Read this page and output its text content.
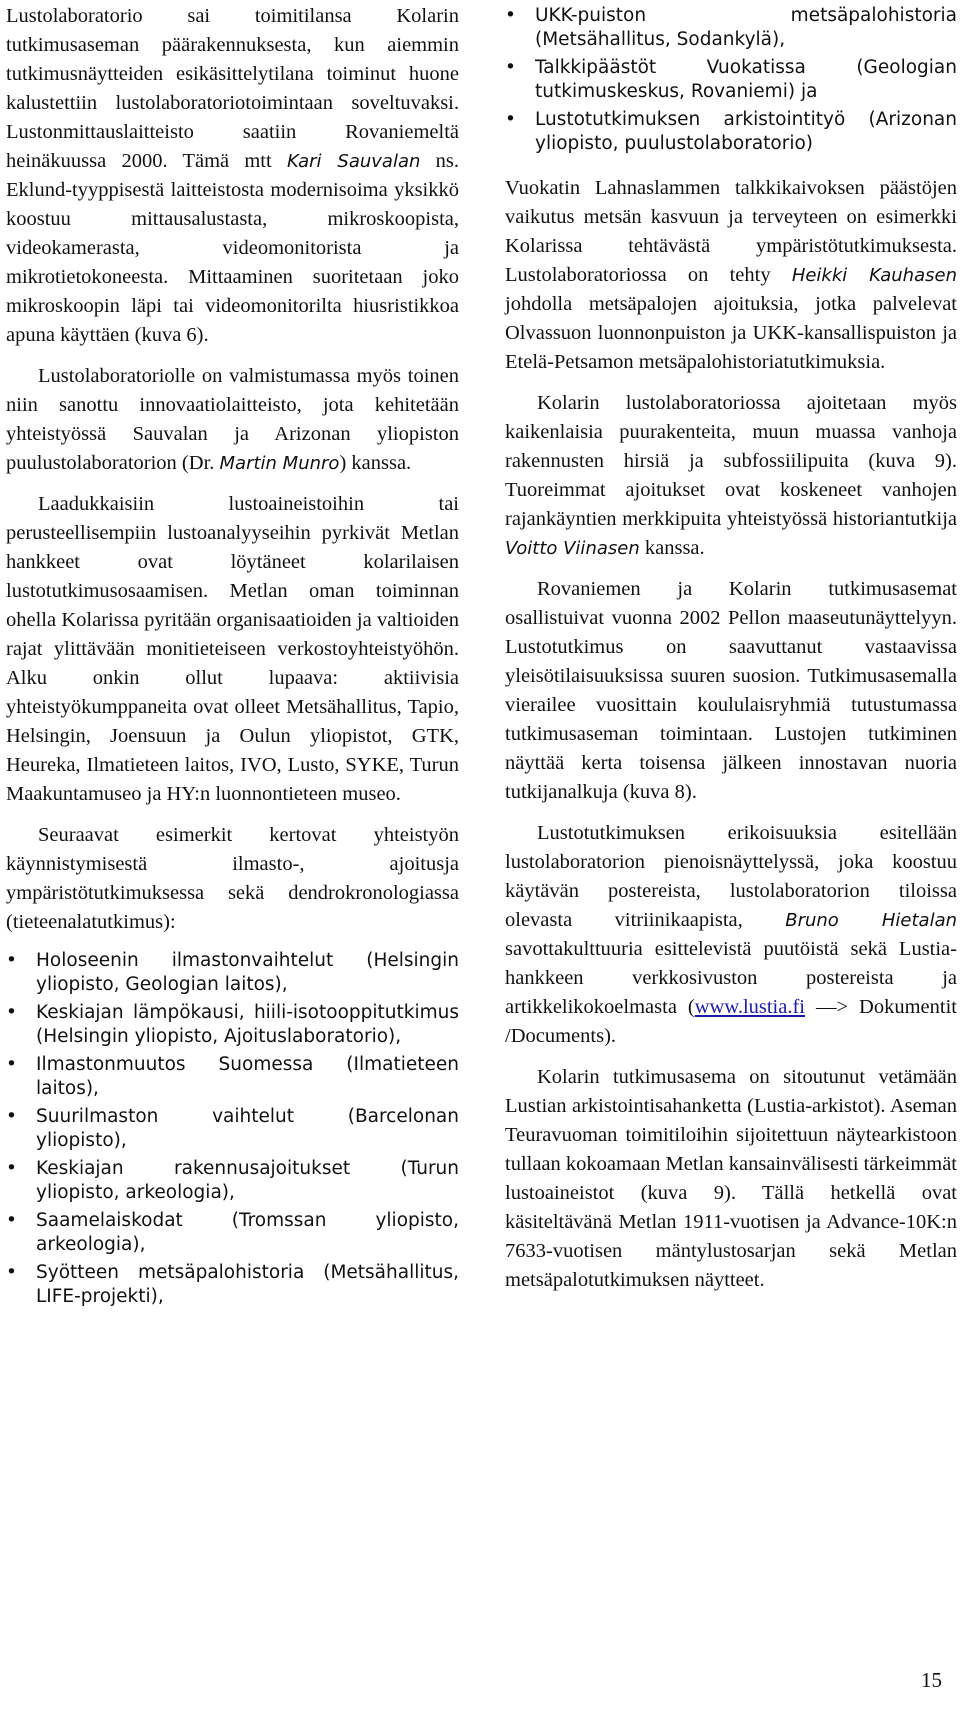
Lustolaboratorio sai toimitilansa Kolarin tutkimusaseman päärakennuksesta, kun aiemmin tutkimusnäytteiden esikäsittelytilana toiminut huone kalustettiin lustolaboratoriotoimintaan soveltuvaksi. Lustonmittauslaitteisto saatiin Rovaniemeltä heinäkuussa 2000. Tämä mtt Kari Sauvalan ns. Eklund-tyyppisestä laitteistosta modernisoima yksikkö koostuu mittausalustasta, mikroskoopista, videokamerasta, videomonitorista ja mikrotietokoneesta. Mittaaminen suoritetaan joko mikroskoopin läpi tai videomonitorilta hiusristikkoa apuna käyttäen (kuva 6).

Lustolaboratoriolle on valmistumassa myös toinen niin sanottu innovaatiolaitteisto, jota kehitetään yhteistyössä Sauvalan ja Arizonan yliopiston puulustolaboratorion (Dr. Martin Munro) kanssa.

Laadukkaisiin lustoaineistoihin tai perusteellisempiin lustoanalyyseihin pyrkivät Metlan hankkeet ovat löytäneet kolarilaisen lustotutkimusosaamisen. Metlan oman toiminnan ohella Kolarissa pyritään organisaatioiden ja valtioiden rajat ylittävään monitieteiseen verkostoyhteistyöhön. Alku onkin ollut lupaava: aktiivisia yhteistyökumppaneita ovat olleet Metsähallitus, Tapio, Helsingin, Joensuun ja Oulun yliopistot, GTK, Heureka, Ilmatieteen laitos, IVO, Lusto, SYKE, Turun Maakuntamuseo ja HY:n luonnontieteen museo.

Seuraavat esimerkit kertovat yhteistyön käynnistymisestä ilmasto-, ajoitusja ympäristötutkimuksessa sekä dendrokronologiassa (tieteenalatutkimus):

• Holoseenin ilmastonvaihtelut (Helsingin yliopisto, Geologian laitos),
• Keskiajan lämpökausi, hiili-isotooppitutkimus (Helsingin yliopisto, Ajoituslaboratorio),
• Ilmastonmuutos Suomessa (Ilmatieteen laitos),
• Suurilmaston vaihtelut (Barcelonan yliopisto),
• Keskiajan rakennusajoitukset (Turun yliopisto, arkeologia),
• Saamelaiskodat (Tromssan yliopisto, arkeologia),
• Syötteen metsäpalohistoria (Metsähallitus, LIFE-projekti),
• UKK-puiston metsäpalohistoria (Metsähallitus, Sodankylä),
• Talkkipäästöt Vuokatissa (Geologian tutkimuskeskus, Rovaniemi) ja
• Lustotutkimuksen arkistointityö (Arizonan yliopisto, puulustolaboratorio)

Vuokatin Lahnaslammen talkkikaivoksen päästöjen vaikutus metsän kasvuun ja terveyteen on esimerkki Kolarissa tehtävästä ympäristötutkimuksesta. Lustolaboratoriossa on tehty Heikki Kauhasen johdolla metsäpalojen ajoituksia, jotka palvelevat Olvassuon luonnonpuiston ja UKK-kansallispuiston ja Etelä-Petsamon metsäpalohistoriatutkimuksia.

Kolarin lustolaboratoriossa ajoitetaan myös kaikenlaisia puurakenteita, muun muassa vanhoja rakennusten hirsiä ja subfossiilipuita (kuva 9). Tuoreimmat ajoitukset ovat koskeneet vanhojen rajankäyntien merkkipuita yhteistyössä historiantutkija Voitto Viinasen kanssa.

Rovaniemen ja Kolarin tutkimusasemat osallistuivat vuonna 2002 Pellon maaseutunäyttelyyn. Lustotutkimus on saavuttanut vastaavissa yleisötilaisuuksissa suuren suosion. Tutkimusasemalla vierailee vuosittain koululaisryhmiä tutustumassa tutkimusaseman toimintaan. Lustojen tutkiminen näyttää kerta toisensa jälkeen innostavan nuoria tutkijanalkuja (kuva 8).

Lustotutkimuksen erikoisuuksia esitellään lustolaboratorion pienoisnäyttelyssä, joka koostuu käytävän postereista, lustolaboratorion tiloissa olevasta vitriinikaapista, Bruno Hietalan savottakulttuuria esittelevistä puutöistä sekä Lustia-hankkeen verkkosivuston postereista ja artikkelikokoelmasta (www.lustia.fi —> Dokumentit /Documents).

Kolarin tutkimusasema on sitoutunut vetämään Lustian arkistointisahanketta (Lustia-arkistot). Aseman Teuravuoman toimitiloihin sijoitettuun näytearkistoon tullaan kokoamaan Metlan kansainvälisesti tärkeimmät lustoaineistot (kuva 9). Tällä hetkellä ovat käsiteltävänä Metlan 1911-vuotisen ja Advance-10K:n 7633-vuotisen mäntylustosarjan sekä Metlan metsäpalotutkimuksen näytteet.

15
